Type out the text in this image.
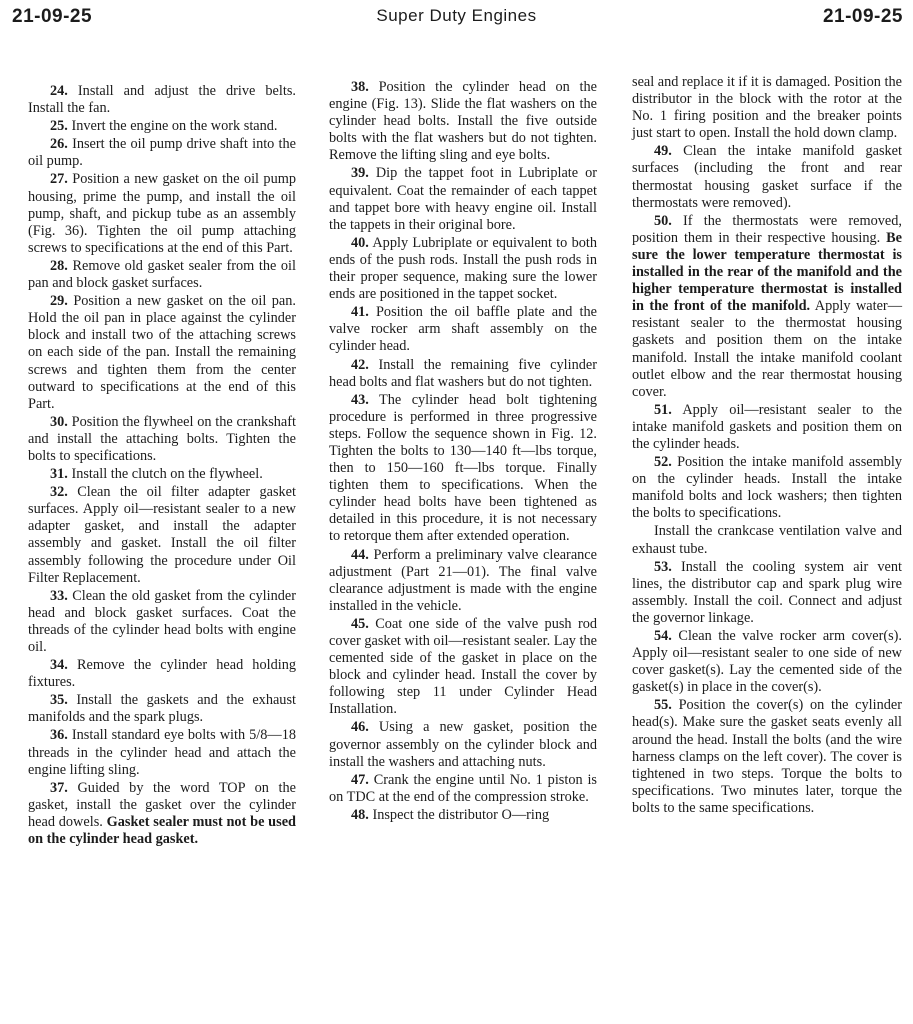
21-09-25	Super Duty Engines	21-09-25

24. Install and adjust the drive belts. Install the fan.

25. Invert the engine on the work stand.

26. Insert the oil pump drive shaft into the oil pump.

27. Position a new gasket on the oil pump housing, prime the pump, and install the oil pump, shaft, and pickup tube as an assembly (Fig. 36). Tighten the oil pump attaching screws to specifications at the end of this Part.

28. Remove old gasket sealer from the oil pan and block gasket surfaces.

29. Position a new gasket on the oil pan. Hold the oil pan in place against the cylinder block and install two of the attaching screws on each side of the pan. Install the remaining screws and tighten them from the center outward to specifications at the end of this Part.

30. Position the flywheel on the crankshaft and install the attaching bolts. Tighten the bolts to specifications.

31. Install the clutch on the flywheel.

32. Clean the oil filter adapter gasket surfaces. Apply oil—resistant sealer to a new adapter gasket, and install the adapter assembly and gasket. Install the oil filter assembly following the procedure under Oil Filter Replacement.

33. Clean the old gasket from the cylinder head and block gasket surfaces. Coat the threads of the cylinder head bolts with engine oil.

34. Remove the cylinder head holding fixtures.

35. Install the gaskets and the exhaust manifolds and the spark plugs.

36. Install standard eye bolts with 5/8—18 threads in the cylinder head and attach the engine lifting sling.

37. Guided by the word TOP on the gasket, install the gasket over the cylinder head dowels. Gasket sealer must not be used on the cylinder head gasket.

38. Position the cylinder head on the engine (Fig. 13). Slide the flat washers on the cylinder head bolts. Install the five outside bolts with the flat washers but do not tighten. Remove the lifting sling and eye bolts.

39. Dip the tappet foot in Lubriplate or equivalent. Coat the remainder of each tappet and tappet bore with heavy engine oil. Install the tappets in their original bore.

40. Apply Lubriplate or equivalent to both ends of the push rods. Install the push rods in their proper sequence, making sure the lower ends are positioned in the tappet socket.

41. Position the oil baffle plate and the valve rocker arm shaft assembly on the cylinder head.

42. Install the remaining five cylinder head bolts and flat washers but do not tighten.

43. The cylinder head bolt tightening procedure is performed in three progressive steps. Follow the sequence shown in Fig. 12. Tighten the bolts to 130—140 ft—lbs torque, then to 150—160 ft—lbs torque. Finally tighten them to specifications. When the cylinder head bolts have been tightened as detailed in this procedure, it is not necessary to retorque them after extended operation.

44. Perform a preliminary valve clearance adjustment (Part 21—01). The final valve clearance adjustment is made with the engine installed in the vehicle.

45. Coat one side of the valve push rod cover gasket with oil—resistant sealer. Lay the cemented side of the gasket in place on the block and cylinder head. Install the cover by following step 11 under Cylinder Head Installation.

46. Using a new gasket, position the governor assembly on the cylinder block and install the washers and attaching nuts.

47. Crank the engine until No. 1 piston is on TDC at the end of the compression stroke.

48. Inspect the distributor O—ring

seal and replace it if it is damaged. Position the distributor in the block with the rotor at the No. 1 firing position and the breaker points just start to open. Install the hold down clamp.

49. Clean the intake manifold gasket surfaces (including the front and rear thermostat housing gasket surface if the thermostats were removed).

50. If the thermostats were removed, position them in their respective housing. Be sure the lower temperature thermostat is installed in the rear of the manifold and the higher temperature thermostat is installed in the front of the manifold. Apply water—resistant sealer to the thermostat housing gaskets and position them on the intake manifold. Install the intake manifold coolant outlet elbow and the rear thermostat housing cover.

51. Apply oil—resistant sealer to the intake manifold gaskets and position them on the cylinder heads.

52. Position the intake manifold assembly on the cylinder heads. Install the intake manifold bolts and lock washers; then tighten the bolts to specifications.

Install the crankcase ventilation valve and exhaust tube.

53. Install the cooling system air vent lines, the distributor cap and spark plug wire assembly. Install the coil. Connect and adjust the governor linkage.

54. Clean the valve rocker arm cover(s). Apply oil—resistant sealer to one side of new cover gasket(s). Lay the cemented side of the gasket(s) in place in the cover(s).

55. Position the cover(s) on the cylinder head(s). Make sure the gasket seats evenly all around the head. Install the bolts (and the wire harness clamps on the left cover). The cover is tightened in two steps. Torque the bolts to specifications. Two minutes later, torque the bolts to the same specifications.
